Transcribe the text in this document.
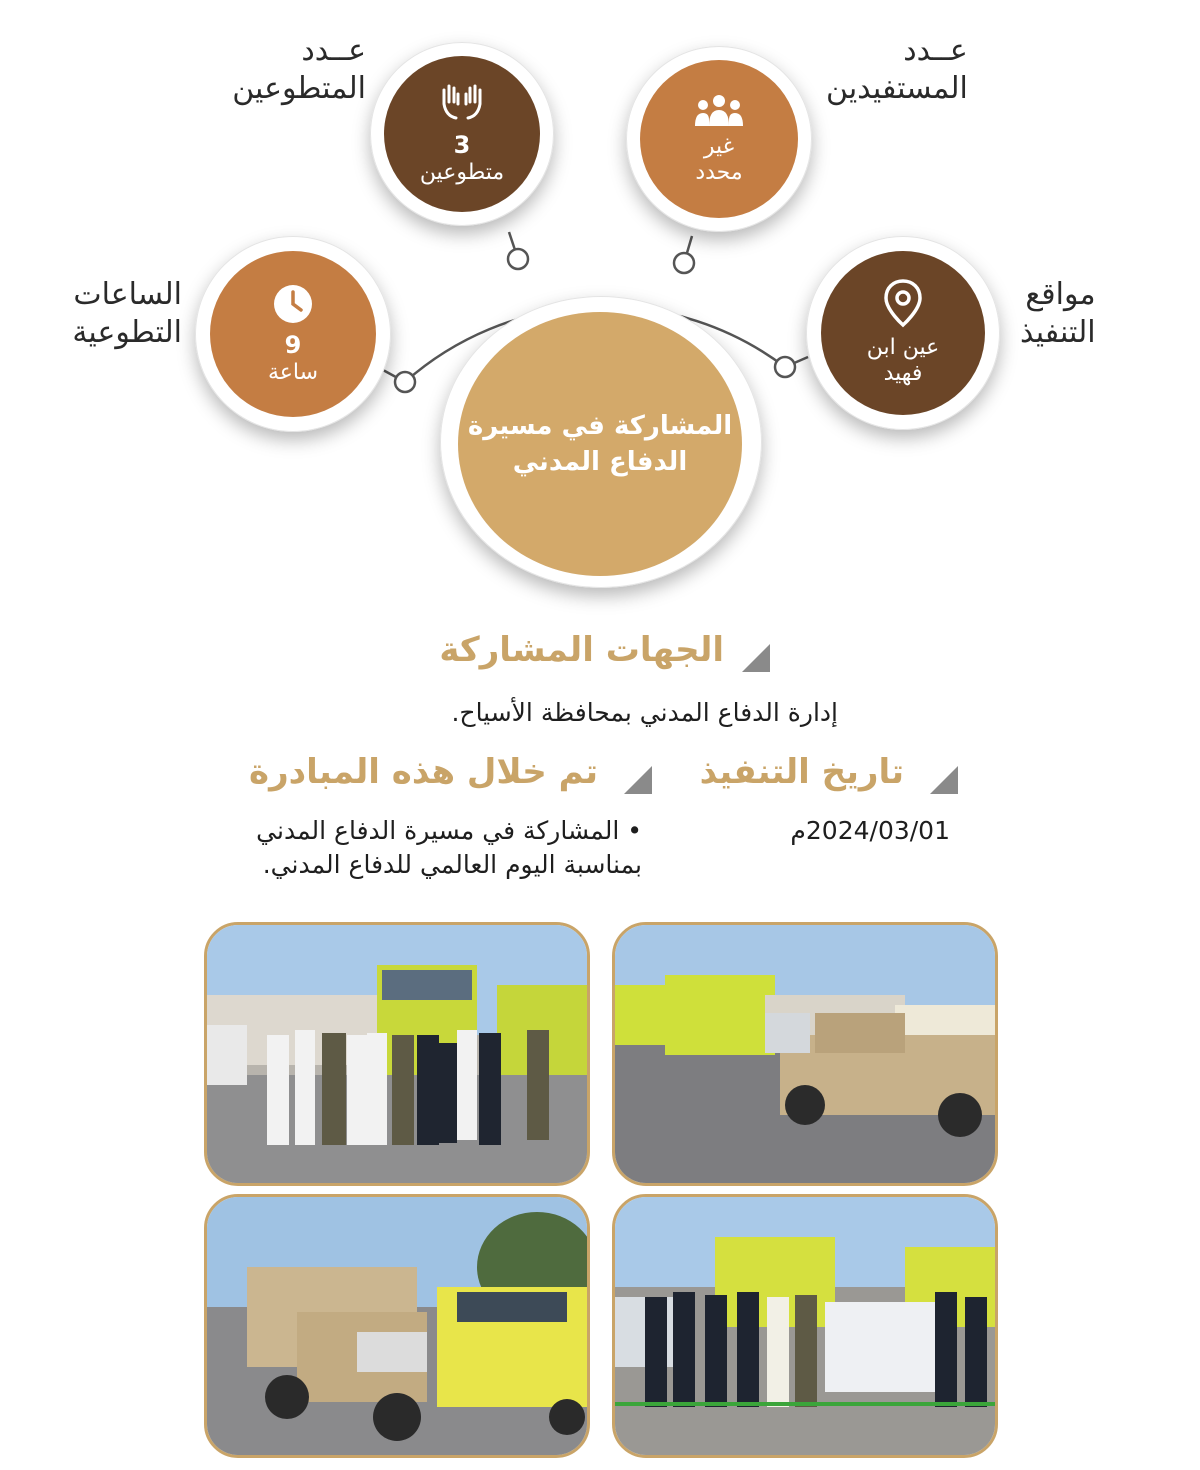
3
متطوعين
عــدد
المتطوعين
غير
محدد
عــدد
المستفيدين
9
ساعة
الساعات
التطوعية	عين ابن
فهيد
مواقع
التنفيذ
المشاركة في مسيرة
الدفاع المدني
الجهات المشاركة
إدارة الدفاع المدني بمحافظة الأسياح.
تاريخ التنفيذ
2024/03/01م
تم خلال هذه المبادرة
• المشاركة في مسيرة الدفاع المدني
بمناسبة اليوم العالمي للدفاع المدني.
